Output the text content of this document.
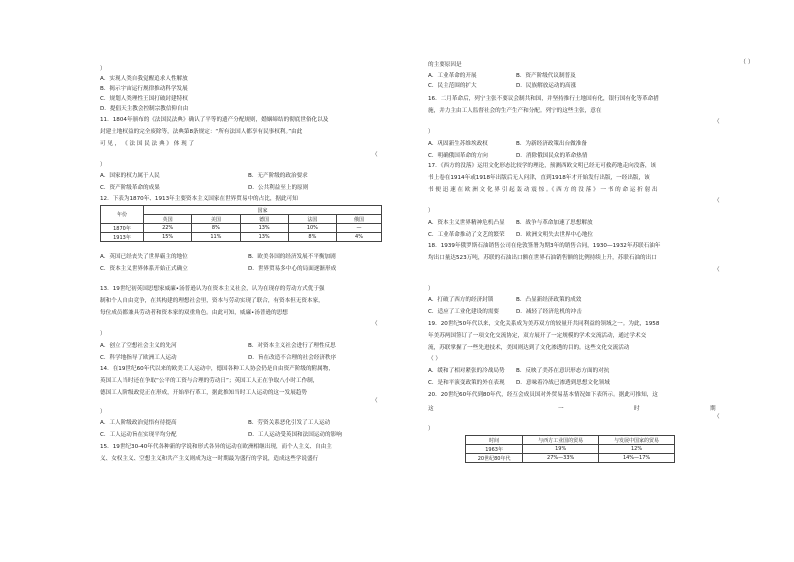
）
A．实现人类自我觉醒追求人性解放
B．揭示宇宙运行规律推动科学发展
C．规划人类理性王国打破封建特权
D．提倡天主教会控制宗教信仰自由
11．1804年颁布的《法国民法典》确认了平等的遗产分配规则，婚姻缔结的彻底世俗化以及
封建土地权益的完全废除等，法典第8条规定：“所有法国人都享有民事权利。”由此
可 见 ， 《 法 国 民 法 典 》 体 现 了
（
）
A．国家的权力属于人民
C．资产阶级革命的成果
12．下表为1870年、1913年主要资本主义国家在世界贸易中的占比，据此可知
A．英国已经丧失了世界霸主的地位
C．资本主义世界体系开始正式确立
13．19世纪初英国思想家威廉•汤普逊认为在资本主义社会，认为在现存的劳动方式优于强
制和个人自由竞争，在其构建的理想社会里，资本与劳动实现了联合，有资本但无资本家，
每位成员都兼具劳动者和资本家的双重角色。由此可知，威廉•汤普逊的思想
（
）
A．创立了空想社会主义的先河
C．科学地指导了欧洲工人运动
14．在19世纪60年代以来的欧美工人运动中，德国各种工人协会仍是自由资产阶级的附属物，
英国工人当时还在争取“公平的工资与合理的劳动日”；英国工人正在争取八小时工作制，
德国工人阶级政党正在形成，开始举行革工，据此推知当时工人运动的这一发展趋势
（
）
A．工人阶级政治觉悟有待提高
C．工人运动旨在实现平均分配
15．19世纪30-40年代各种新的学说和形式各异的运动在欧洲相继出现，而个人主义、自由主
义、女权主义、空想主义和共产主义则成为这一时期最为盛行的学说，造成这些学说盛行
B．无产阶级的政治要求
D．公共利益至上的原则
B．欧美各国的经济发展不平衡加剧
D．世界贸易多中心的局面逐渐形成
B．对资本主义社会进行了理性反思
D．旨在改造不合理的社会经济秩序
B．劳资关系恶化引发了工人运动
D．工人运动受英国和法国运动的影响
的主要原因是
A．工业革命的开展
C．民主范围的扩大
16．二月革命后，列宁主张不要议会制共和国，并坚持推行土地国有化，银行国有化等革命措
施，并力主由工人监督社会的生产生产和分配。列宁的这些主张，意在
（
）
A．巩固新生苏维埃政权
C．明确俄国革命的方向
17．《西方的没落》运用文化形态比较学的理论，预测西欧文明已经无可救药地走向没落，该
书上卷在1914年或1918年出版后无人问津，直到1918年才开始发行出版，一经出版，该
书 便 迅 速 在 欧 洲 文 化 界 引 起 轰 动 震 惊 。《 西 方 的 没 落 》 一 书 的 命 运 折 射 出
（
）
A．资本主义世界精神危机凸显
C．工业革命推动了文艺的繁荣
18．1939年俄罗斯石油销售公司在伦敦签署为期3年的销售合同，1930—1932年苏联石油年
均出口量达523万吨，苏联的石油出口额在世界石油销售额的比例持续上升，苏联石油的出口
（
）
A．打破了西方的经济封锁
C．适应了工业化建设的需要
19．20世纪50年代以来，文化关系成为美苏双方的较量开共同利益的领域之一。为此，1958
年美苏两国签订了一项文化交流协定，双方展开了一定规模的学术交流活动，通过学术交
流，苏联掌握了一些先进技术，美国则达到了文化渗透的目的。这些文化交流活动
（ ）
A．缓和了相对紧张的冷战局势
C．是和平演变政策的外在表现
20．20世纪60年代到80年代，经互会成员国对外贸易基本情况如下表所示。据此可推知，这
（
）
B．资产阶级代议制普及
D．民族解放运动的高涨
B．为新经济政策出台做准备
D．消除俄国民众的革命热情
B．战争与革命加速了思想解放
D．欧洲文明失去世界中心地位
B．凸显新经济政策的成效
D．减轻了经济危机的冲击
B．反映了美苏在意识形态方面的对抗
D．意味着冷战已渗透到思想文化领域
（ ）
这	一	时	期
年份	国家				
	英国	美国	德国	法国	俄国
1870年	22%	8%	13%	10%	—
1913年	15%	11%	13%	8%	4%
时间	与西方工业国的贸易	与发展中国家的贸易
1963年	19%	12%
20世纪80年代	27%—33%	14%—17%
